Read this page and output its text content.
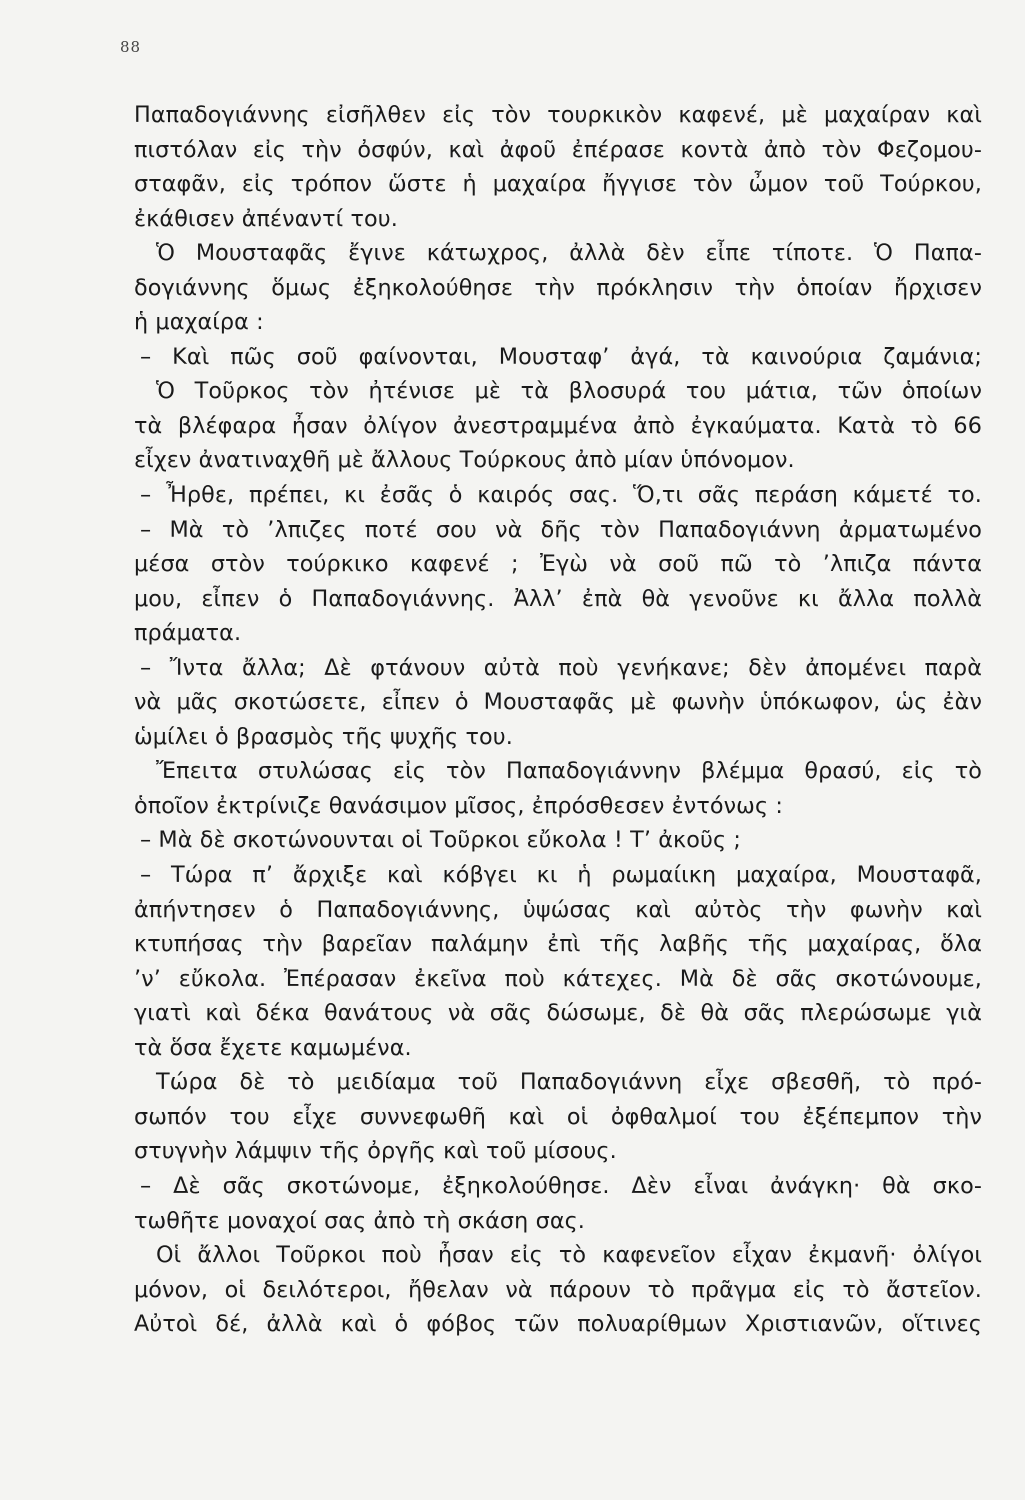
88
Παπαδογιάννης εἰσῆλθεν εἰς τὸν τουρκικὸν καφενέ, μὲ μαχαίραν καὶ
πιστόλαν εἰς τὴν ὀσφύν, καὶ ἀφοῦ ἐπέρασε κοντὰ ἀπὸ τὸν Φεζομου-
σταφᾶν, εἰς τρόπον ὥστε ἡ μαχαίρα ἤγγισε τὸν ὦμον τοῦ Τούρκου,
ἐκάθισεν ἀπέναντί του.
Ὁ Μουσταφᾶς ἔγινε κάτωχρος, ἀλλὰ δὲν εἶπε τίποτε. Ὁ Παπα-
δογιάννης ὅμως ἐξηκολούθησε τὴν πρόκλησιν τὴν ὁποίαν ἤρχισεν
ἡ μαχαίρα :
– Καὶ πῶς σοῦ φαίνονται, Μουσταφ’ ἀγά, τὰ καινούρια ζαμάνια;
Ὁ Τοῦρκος τὸν ἠτένισε μὲ τὰ βλοσυρά του μάτια, τῶν ὁποίων
τὰ βλέφαρα ἦσαν ὀλίγον ἀνεστραμμένα ἀπὸ ἐγκαύματα. Κατὰ τὸ 66
εἶχεν ἀνατιναχθῆ μὲ ἄλλους Τούρκους ἀπὸ μίαν ὑπόνομον.
– Ἦρθε, πρέπει, κι ἐσᾶς ὁ καιρός σας. Ὅ,τι σᾶς περάση κάμετέ το.
– Μὰ τὸ ’λπιζες ποτέ σου νὰ δῆς τὸν Παπαδογιάννη ἀρματωμένο
μέσα στὸν τούρκικο καφενέ ; Ἐγὼ νὰ σοῦ πῶ τὸ ’λπιζα πάντα
μου, εἶπεν ὁ Παπαδογιάννης. Ἀλλ’ ἐπὰ θὰ γενοῦνε κι ἄλλα πολλὰ
πράματα.
– Ἴντα ἄλλα; Δὲ φτάνουν αὐτὰ ποὺ γενήκανε; δὲν ἀπομένει παρὰ
νὰ μᾶς σκοτώσετε, εἶπεν ὁ Μουσταφᾶς μὲ φωνὴν ὑπόκωφον, ὡς ἐὰν
ὡμίλει ὁ βρασμὸς τῆς ψυχῆς του.
Ἔπειτα στυλώσας εἰς τὸν Παπαδογιάννην βλέμμα θρασύ, εἰς τὸ
ὁποῖον ἐκτρίνιζε θανάσιμον μῖσος, ἐπρόσθεσεν ἐντόνως :
– Μὰ δὲ σκοτώνουνται οἱ Τοῦρκοι εὔκολα ! Τ’ ἀκοῦς ;
– Τώρα π’ ἄρχιξε καὶ κόβγει κι ἡ ρωμαίικη μαχαίρα, Μουσταφᾶ,
ἀπήντησεν ὁ Παπαδογιάννης, ὑψώσας καὶ αὐτὸς τὴν φωνὴν καὶ
κτυπήσας τὴν βαρεῖαν παλάμην ἐπὶ τῆς λαβῆς τῆς μαχαίρας, ὅλα
’ν’ εὔκολα. Ἐπέρασαν ἐκεῖνα ποὺ κάτεχες. Μὰ δὲ σᾶς σκοτώνουμε,
γιατὶ καὶ δέκα θανάτους νὰ σᾶς δώσωμε, δὲ θὰ σᾶς πλερώσωμε γιὰ
τὰ ὅσα ἔχετε καμωμένα.
Τώρα δὲ τὸ μειδίαμα τοῦ Παπαδογιάννη εἶχε σβεσθῆ, τὸ πρό-
σωπόν του εἶχε συννεφωθῆ καὶ οἱ ὀφθαλμοί του ἐξέπεμπον τὴν
στυγνὴν λάμψιν τῆς ὀργῆς καὶ τοῦ μίσους.
– Δὲ σᾶς σκοτώνομε, ἐξηκολούθησε. Δὲν εἶναι ἀνάγκη· θὰ σκο-
τωθῆτε μοναχοί σας ἀπὸ τὴ σκάση σας.
Οἱ ἄλλοι Τοῦρκοι ποὺ ἦσαν εἰς τὸ καφενεῖον εἶχαν ἐκμανῆ· ὀλίγοι
μόνον, οἱ δειλότεροι, ἤθελαν νὰ πάρουν τὸ πρᾶγμα εἰς τὸ ἄστεῖον.
Αὐτοὶ δέ, ἀλλὰ καὶ ὁ φόβος τῶν πολυαρίθμων Χριστιανῶν, οἵτινες
